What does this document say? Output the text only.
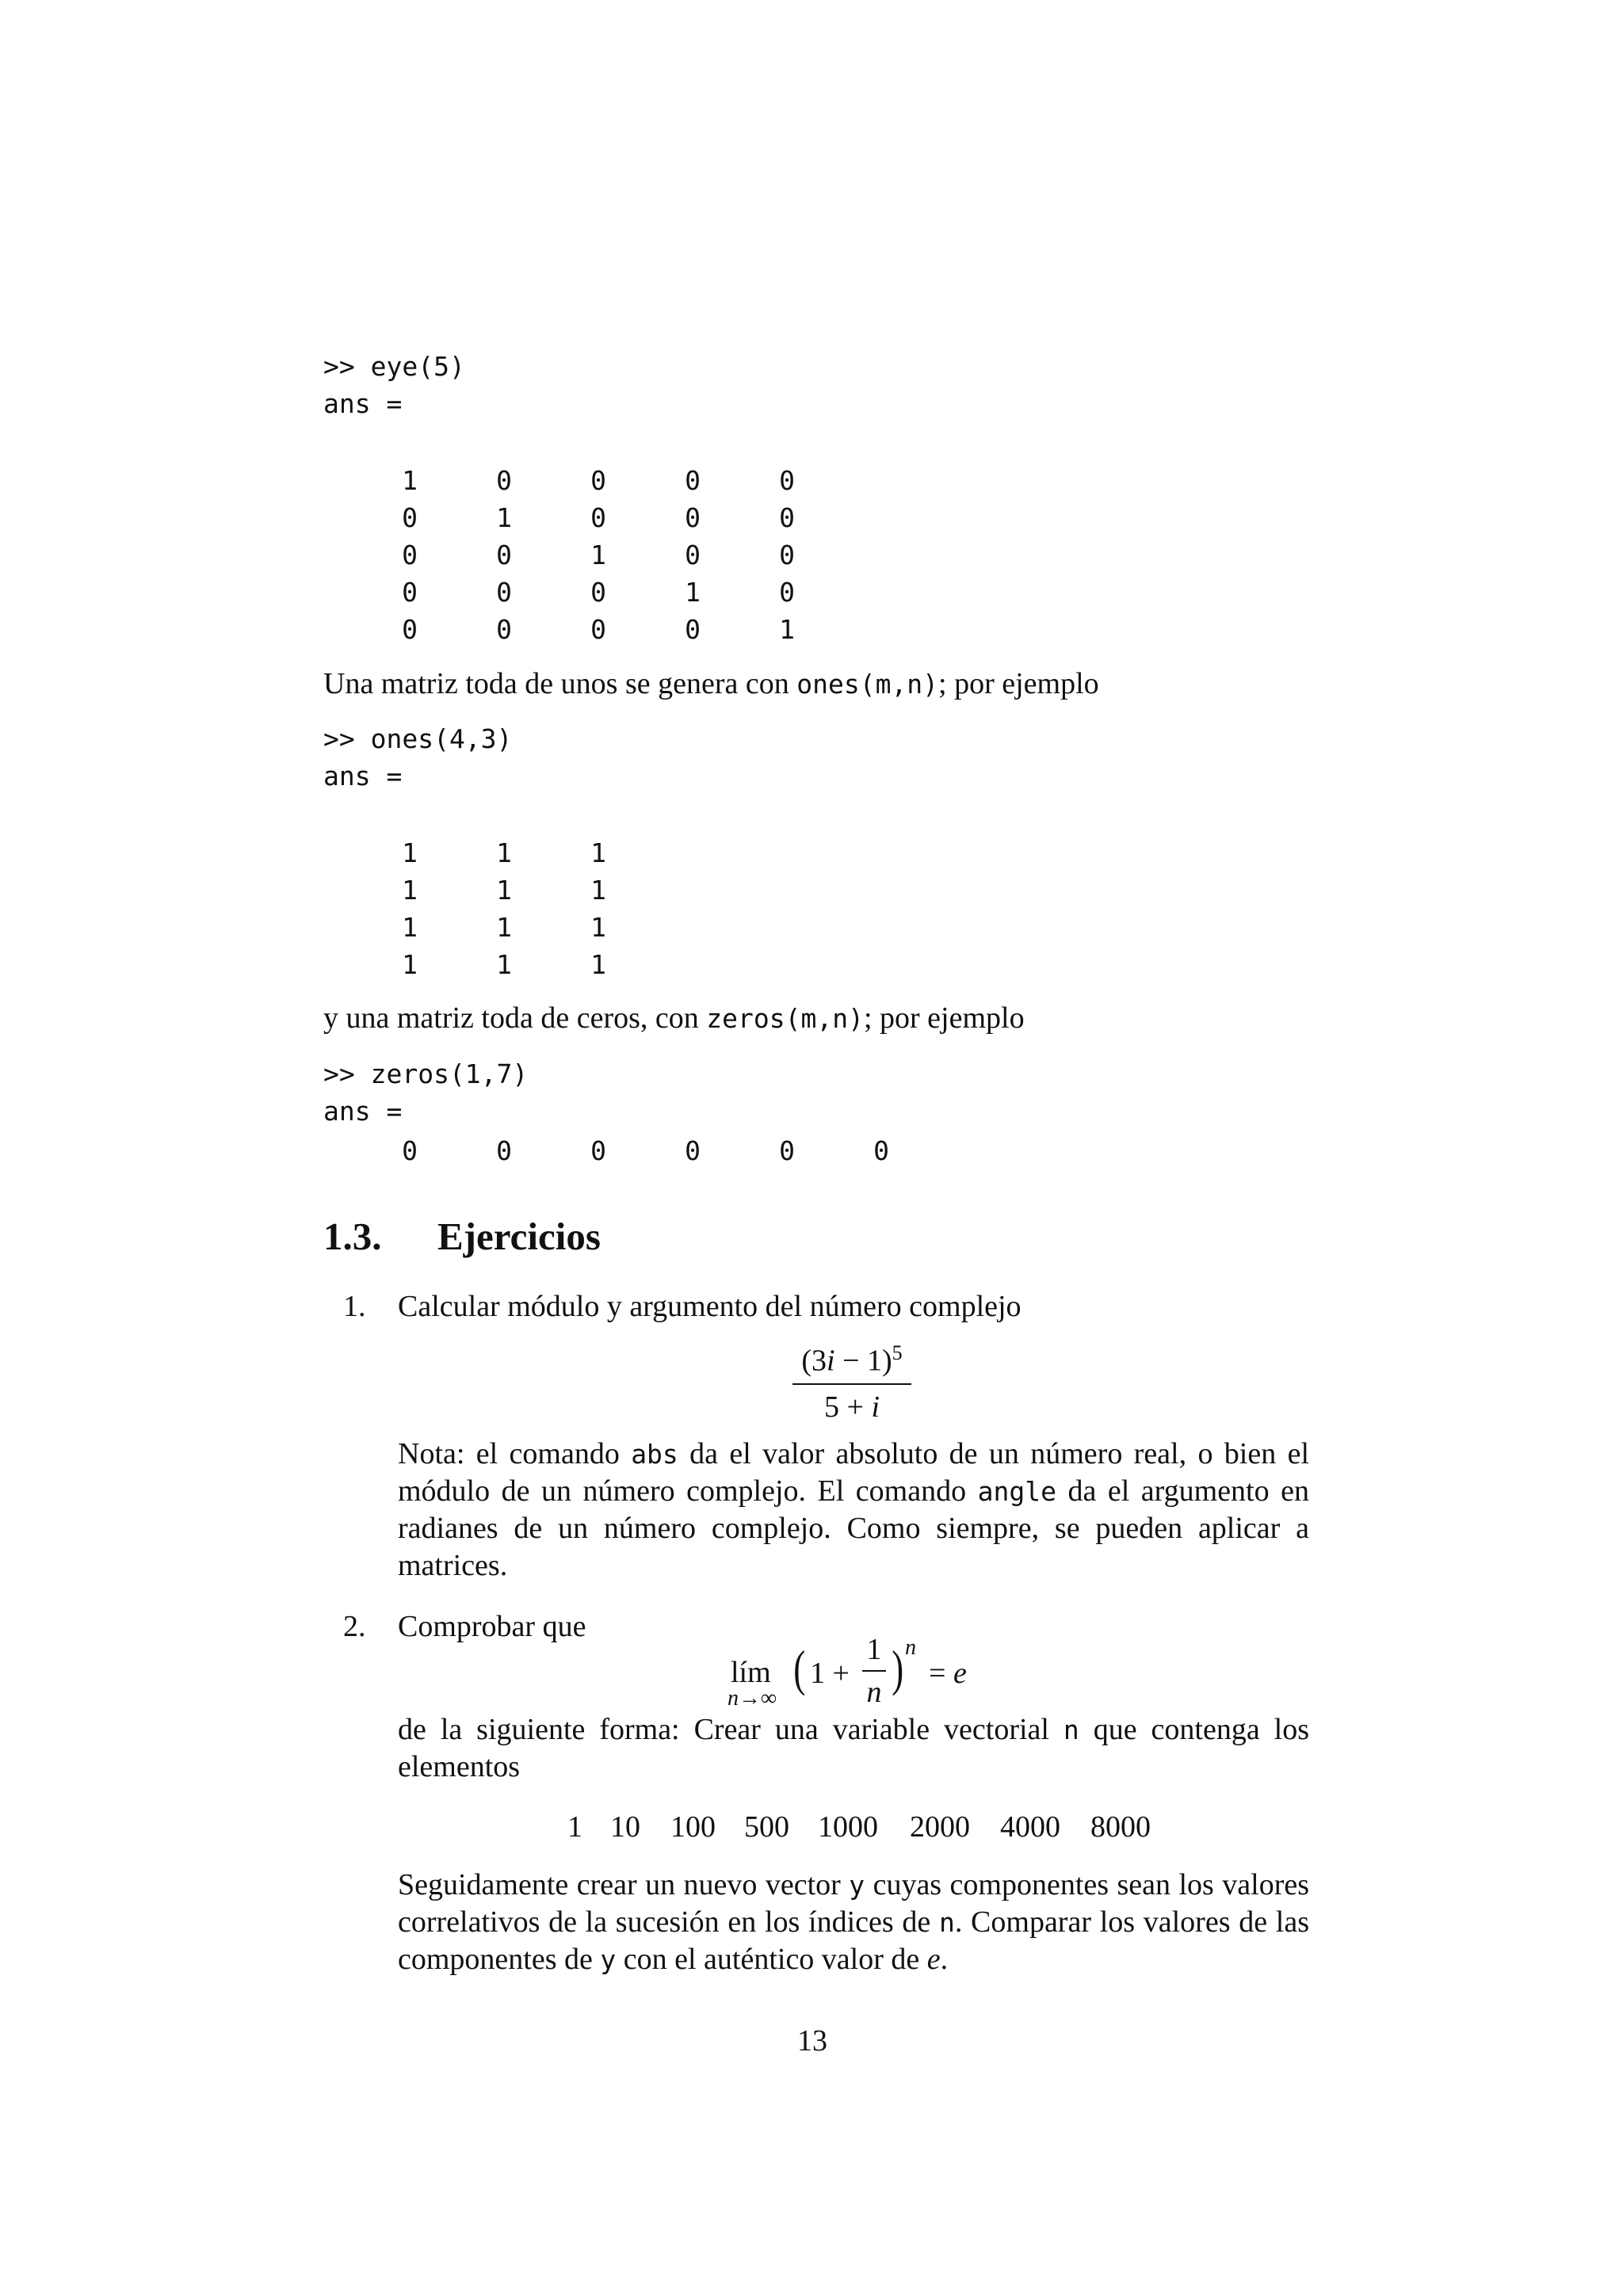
>> eye(5)
ans =
1	0	0	0	0
0	1	0	0	0
0	0	1	0	0
0	0	0	1	0
0	0	0	0	1
Una matriz toda de unos se genera con ones(m,n); por ejemplo
>> ones(4,3)
ans =
1	1	1
1	1	1
1	1	1
1	1	1
y una matriz toda de ceros, con zeros(m,n); por ejemplo
>> zeros(1,7)
ans =
0	0	0	0	0	0
1.3. Ejercicios
1. Calcular módulo y argumento del número complejo
$(3i - 1)^5$
5 + i
Nota: el comando abs da el valor absoluto de un número real, o bien el módulo de un número complejo. El comando angle da el argumento en radianes de un número complejo. Como siempre, se pueden aplicar a matrices.
2. Comprobar que
lím
n→∞
( 1 +
1
n ) n
= e
de la siguiente forma: Crear una variable vectorial n que contenga los elementos
1 10 100 500 1000 2000 4000 8000
Seguidamente crear un nuevo vector y cuyas componentes sean los valores correlativos de la sucesión en los índices de n. Comparar los valores de las componentes de y con el auténtico valor de e.
13
